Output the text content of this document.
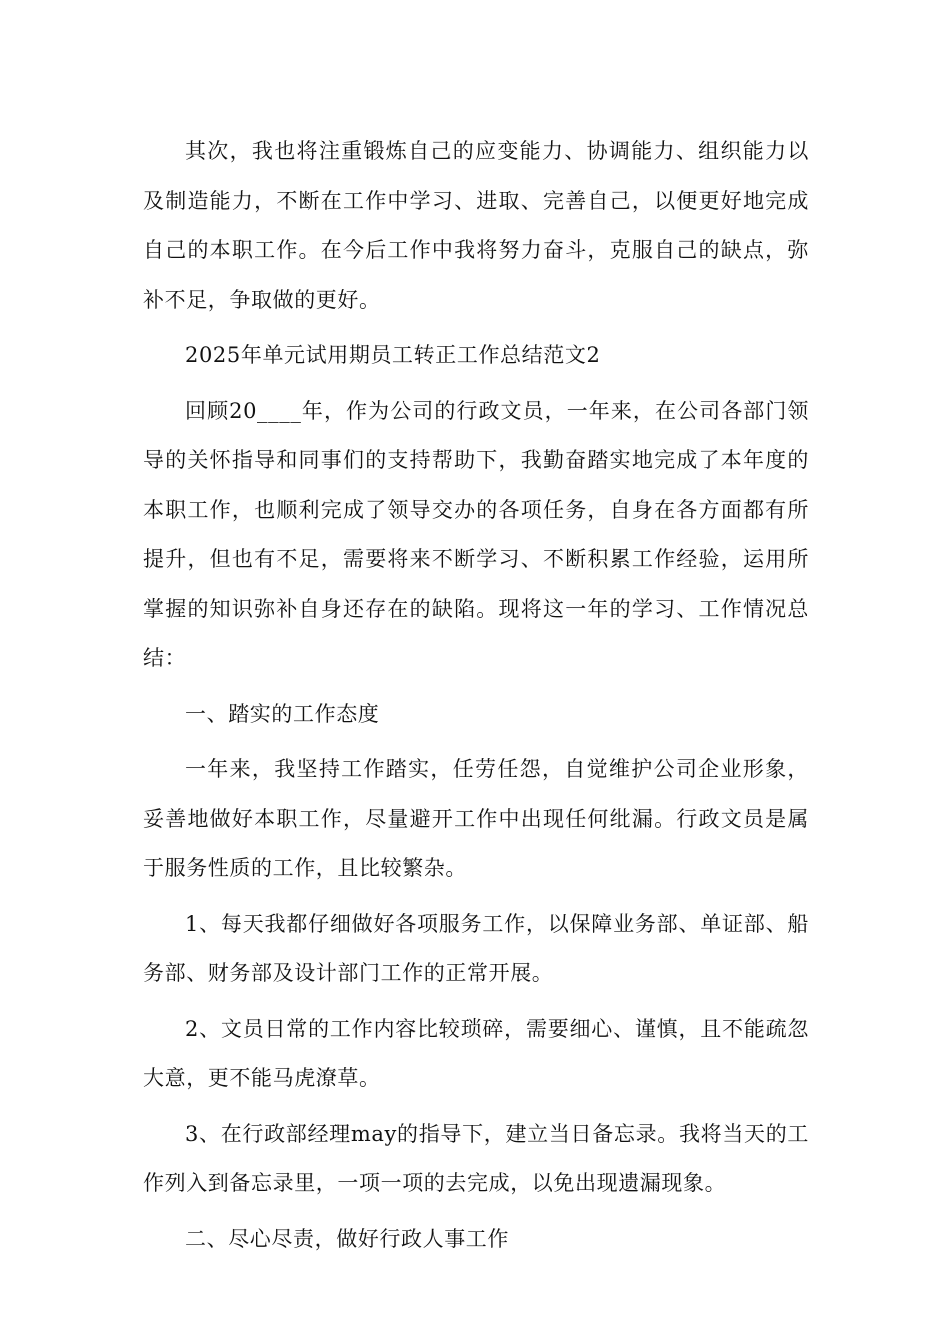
其次，我也将注重锻炼自己的应变能力、协调能力、组织能力以及制造能力，不断在工作中学习、进取、完善自己，以便更好地完成自己的本职工作。在今后工作中我将努力奋斗，克服自己的缺点，弥补不足，争取做的更好。

2025年单元试用期员工转正工作总结范文2

回顾20____年，作为公司的行政文员，一年来，在公司各部门领导的关怀指导和同事们的支持帮助下，我勤奋踏实地完成了本年度的本职工作，也顺利完成了领导交办的各项任务，自身在各方面都有所提升，但也有不足，需要将来不断学习、不断积累工作经验，运用所掌握的知识弥补自身还存在的缺陷。现将这一年的学习、工作情况总结：

一、踏实的工作态度

一年来，我坚持工作踏实，任劳任怨，自觉维护公司企业形象，妥善地做好本职工作，尽量避开工作中出现任何纰漏。行政文员是属于服务性质的工作，且比较繁杂。

1、每天我都仔细做好各项服务工作，以保障业务部、单证部、船务部、财务部及设计部门工作的正常开展。

2、文员日常的工作内容比较琐碎，需要细心、谨慎，且不能疏忽大意，更不能马虎潦草。

3、在行政部经理may的指导下，建立当日备忘录。我将当天的工作列入到备忘录里，一项一项的去完成，以免出现遗漏现象。

二、尽心尽责，做好行政人事工作
